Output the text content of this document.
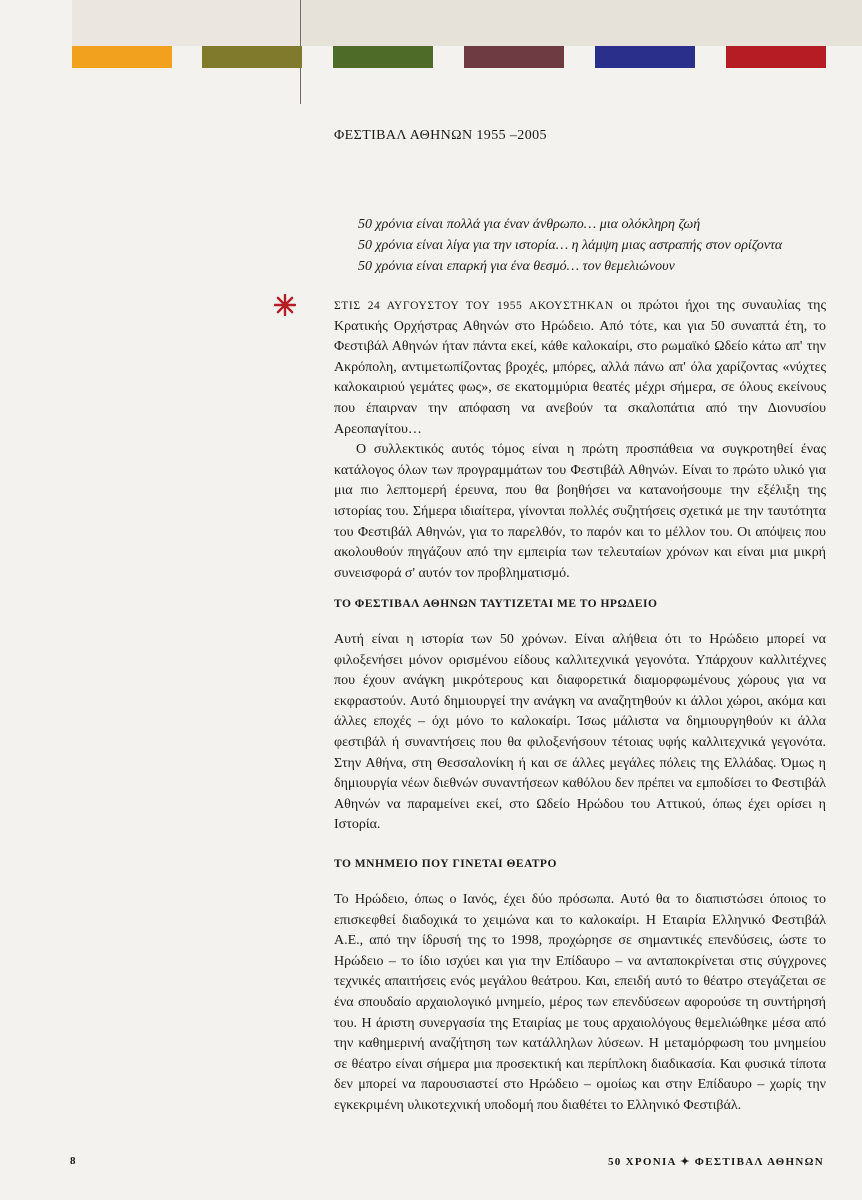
ΦΕΣΤΙΒΑΛ ΑΘΗΝΩΝ 1955 –2005
50 χρόνια είναι πολλά για έναν άνθρωπο… μια ολόκληρη ζωή
50 χρόνια είναι λίγα για την ιστορία… η λάμψη μιας αστραπής στον ορίζοντα
50 χρόνια είναι επαρκή για ένα θεσμό… τον θεμελιώνουν

ΣΤΙΣ 24 ΑΥΓΟΥΣΤΟΥ ΤΟΥ 1955 ΑΚΟΥΣΤΗΚΑΝ οι πρώτοι ήχοι της συναυλίας της Κρατικής Ορχήστρας Αθηνών στο Ηρώδειο. Από τότε, και για 50 συναπτά έτη, το Φεστιβάλ Αθηνών ήταν πάντα εκεί, κάθε καλοκαίρι, στο ρωμαϊκό Ωδείο κάτω απ' την Ακρόπολη, αντιμετωπίζοντας βροχές, μπόρες, αλλά πάνω απ' όλα χαρίζοντας «νύχτες καλοκαιριού γεμάτες φως», σε εκατομμύρια θεατές μέχρι σήμερα, σε όλους εκείνους που έπαιρναν την απόφαση να ανεβούν τα σκαλοπάτια από την Διονυσίου Αρεοπαγίτου…

Ο συλλεκτικός αυτός τόμος είναι η πρώτη προσπάθεια να συγκροτηθεί ένας κατάλογος όλων των προγραμμάτων του Φεστιβάλ Αθηνών. Είναι το πρώτο υλικό για μια πιο λεπτομερή έρευνα, που θα βοηθήσει να κατανοήσουμε την εξέλιξη της ιστορίας του. Σήμερα ιδιαίτερα, γίνονται πολλές συζητήσεις σχετικά με την ταυτότητα του Φεστιβάλ Αθηνών, για το παρελθόν, το παρόν και το μέλλον του. Οι απόψεις που ακολουθούν πηγάζουν από την εμπειρία των τελευταίων χρόνων και είναι μια μικρή συνεισφορά σ' αυτόν τον προβληματισμό.

ΤΟ ΦΕΣΤΙΒΑΛ ΑΘΗΝΩΝ ΤΑΥΤΙΖΕΤΑΙ ΜΕ ΤΟ ΗΡΩΔΕΙΟ
Αυτή είναι η ιστορία των 50 χρόνων. Είναι αλήθεια ότι το Ηρώδειο μπορεί να φιλοξενήσει μόνον ορισμένου είδους καλλιτεχνικά γεγονότα. Υπάρχουν καλλιτέχνες που έχουν ανάγκη μικρότερους και διαφορετικά διαμορφωμένους χώρους για να εκφραστούν. Αυτό δημιουργεί την ανάγκη να αναζητηθούν κι άλλοι χώροι, ακόμα και άλλες εποχές – όχι μόνο το καλοκαίρι. Ίσως μάλιστα να δημιουργηθούν κι άλλα φεστιβάλ ή συναντήσεις που θα φιλοξενήσουν τέτοιας υφής καλλιτεχνικά γεγονότα. Στην Αθήνα, στη Θεσσαλονίκη ή και σε άλλες μεγάλες πόλεις της Ελλάδας. Όμως η δημιουργία νέων διεθνών συναντήσεων καθόλου δεν πρέπει να εμποδίσει το Φεστιβάλ Αθηνών να παραμείνει εκεί, στο Ωδείο Ηρώδου του Αττικού, όπως έχει ορίσει η Ιστορία.
ΤΟ ΜΝΗΜΕΙΟ ΠΟΥ ΓΙΝΕΤΑΙ ΘΕΑΤΡΟ
Το Ηρώδειο, όπως ο Ιανός, έχει δύο πρόσωπα. Αυτό θα το διαπιστώσει όποιος το επισκεφθεί διαδοχικά το χειμώνα και το καλοκαίρι. Η Εταιρία Ελληνικό Φεστιβάλ Α.Ε., από την ίδρυσή της το 1998, προχώρησε σε σημαντικές επενδύσεις, ώστε το Ηρώδειο – το ίδιο ισχύει και για την Επίδαυρο – να ανταποκρίνεται στις σύγχρονες τεχνικές απαιτήσεις ενός μεγάλου θεάτρου. Και, επειδή αυτό το θέατρο στεγάζεται σε ένα σπουδαίο αρχαιολογικό μνημείο, μέρος των επενδύσεων αφορούσε τη συντήρησή του. Η άριστη συνεργασία της Εταιρίας με τους αρχαιολόγους θεμελιώθηκε μέσα από την καθημερινή αναζήτηση των κατάλληλων λύσεων. Η μεταμόρφωση του μνημείου σε θέατρο είναι σήμερα μια προσεκτική και περίπλοκη διαδικασία. Και φυσικά τίποτα δεν μπορεί να παρουσιαστεί στο Ηρώδειο – ομοίως και στην Επίδαυρο – χωρίς την εγκεκριμένη υλικοτεχνική υποδομή που διαθέτει το Ελληνικό Φεστιβάλ.
8	50 ΧΡΟΝΙΑ ✦ ΦΕΣΤΙΒΑΛ ΑΘΗΝΩΝ
